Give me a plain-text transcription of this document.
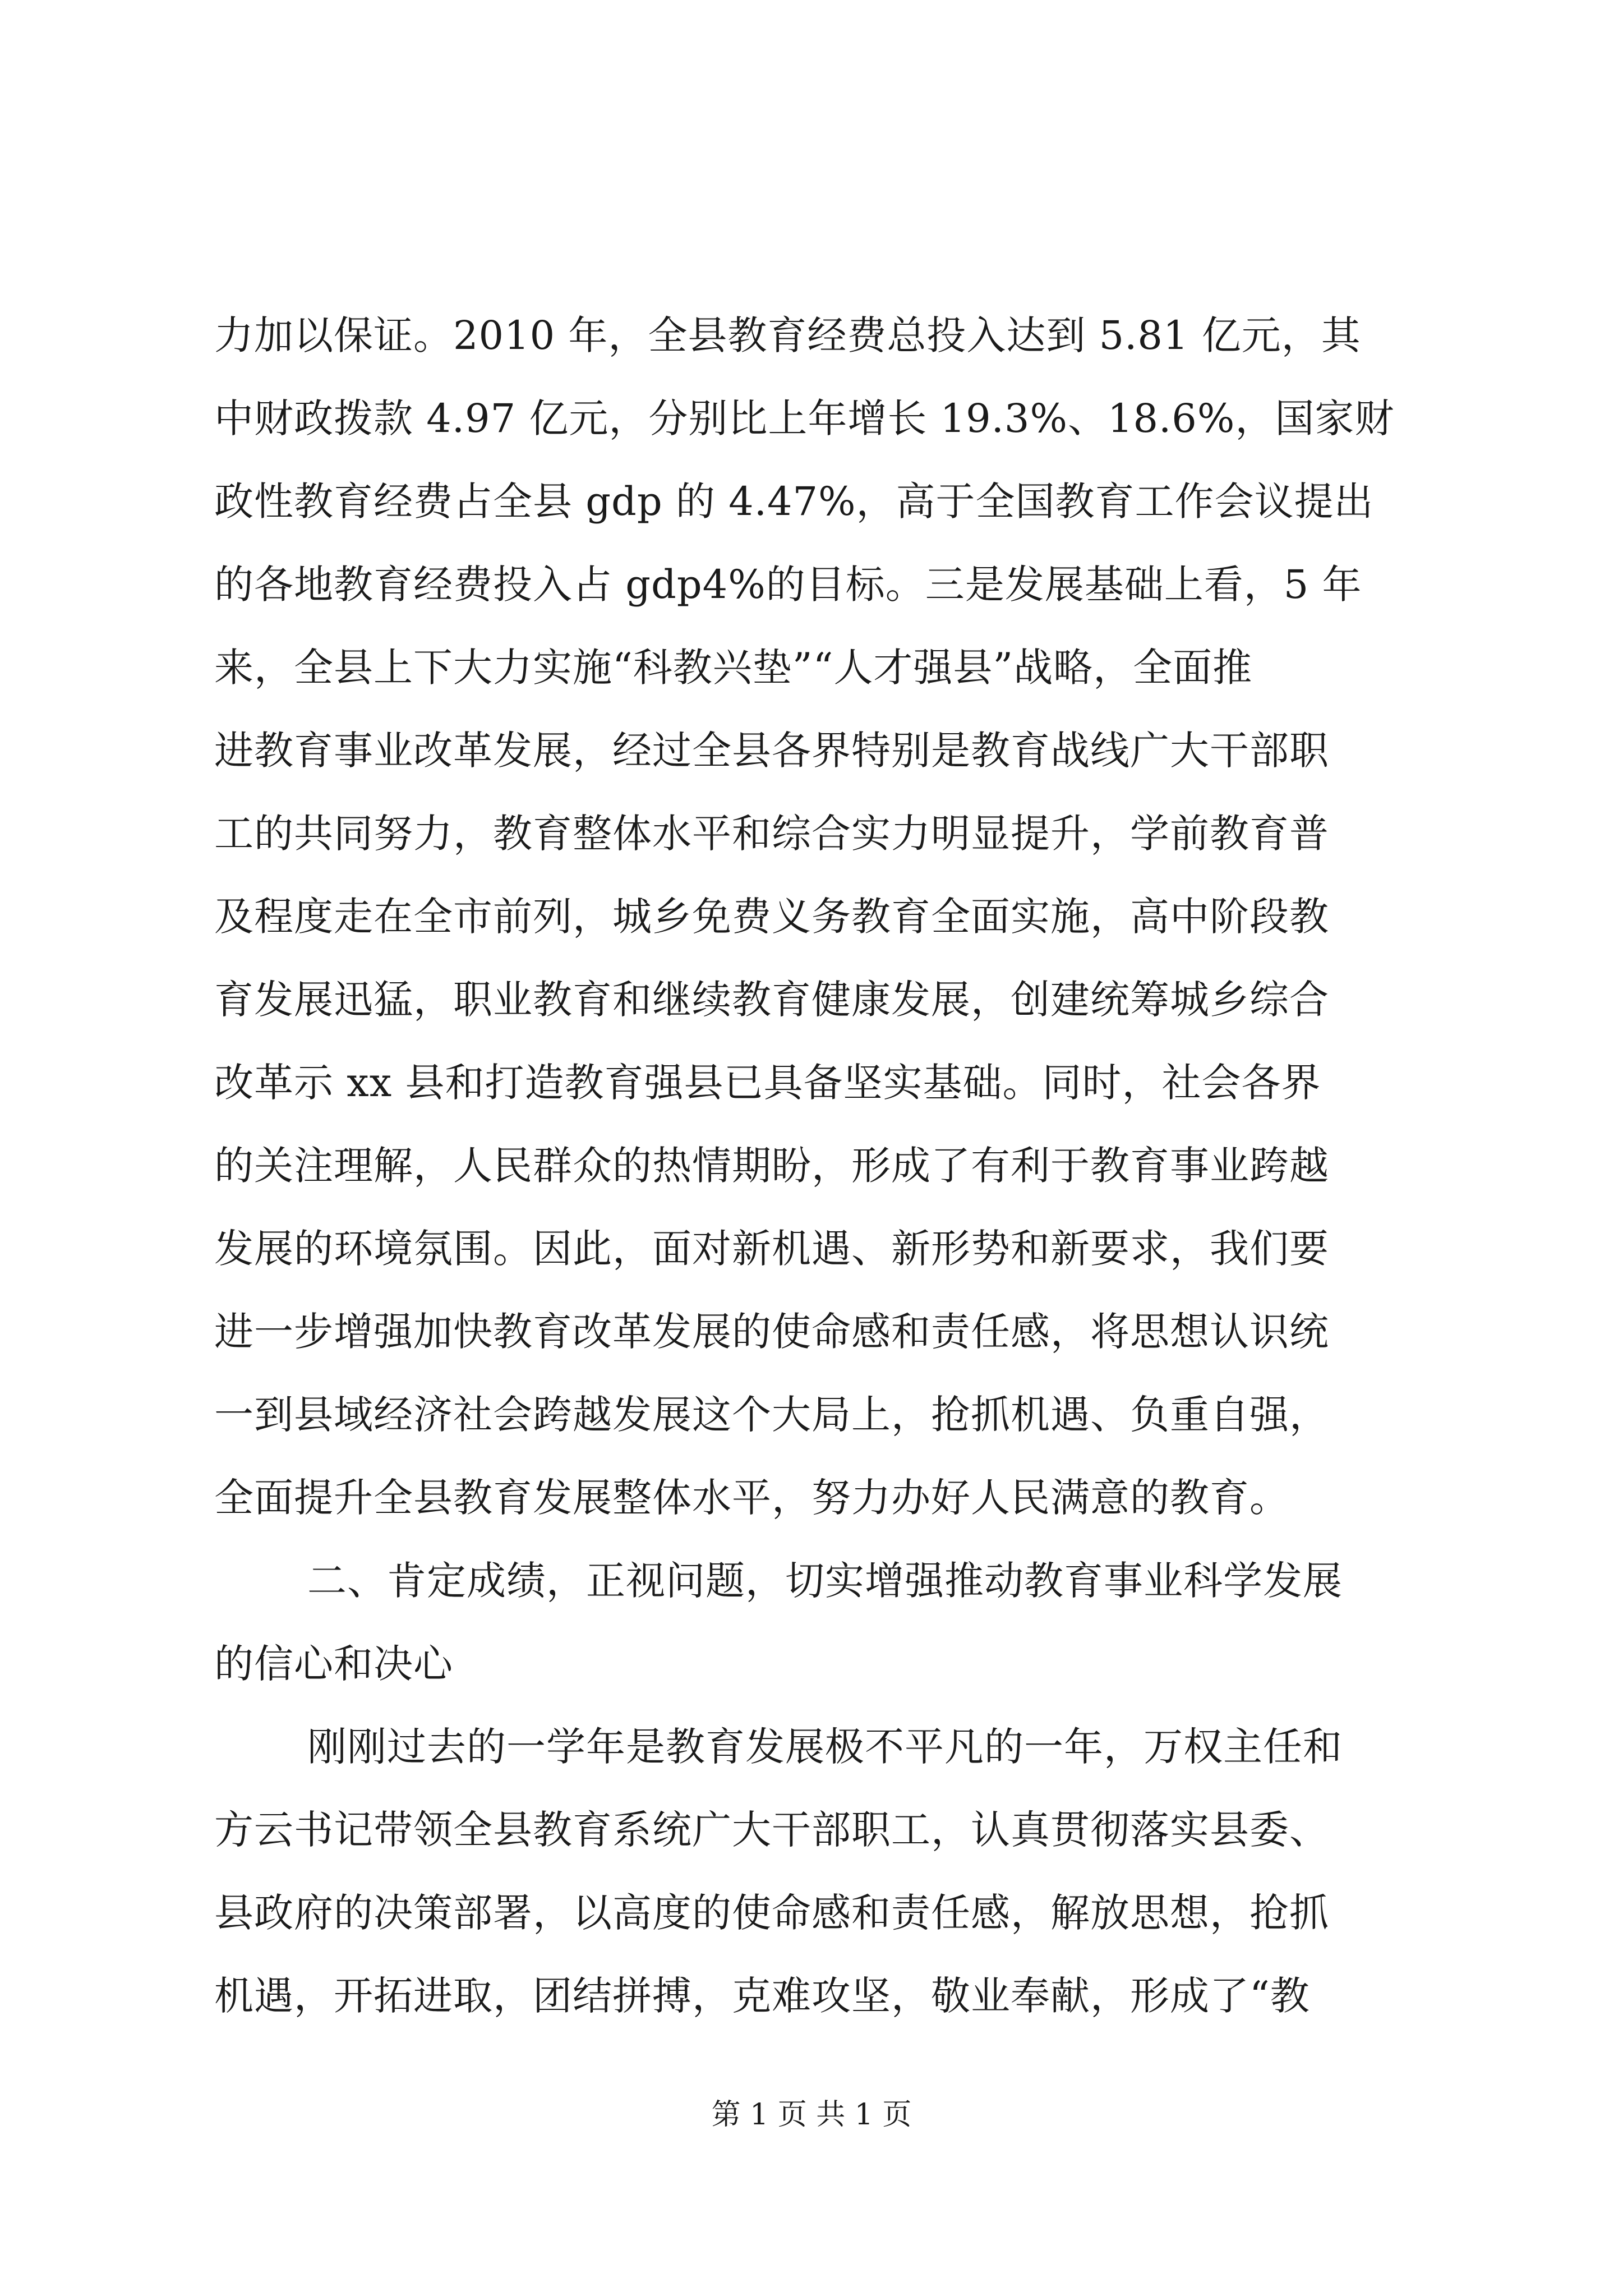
力加以保证。2010 年，全县教育经费总投入达到 5.81 亿元，其
中财政拨款 4.97 亿元，分别比上年增长 19.3%、18.6%，国家财
政性教育经费占全县 gdp 的 4.47%，高于全国教育工作会议提出
的各地教育经费投入占 gdp4%的目标。三是发展基础上看，5 年
来，全县上下大力实施“科教兴垫”“人才强县”战略，全面推
进教育事业改革发展，经过全县各界特别是教育战线广大干部职
工的共同努力，教育整体水平和综合实力明显提升，学前教育普
及程度走在全市前列，城乡免费义务教育全面实施，高中阶段教
育发展迅猛，职业教育和继续教育健康发展，创建统筹城乡综合
改革示 xx 县和打造教育强县已具备坚实基础。同时，社会各界
的关注理解，人民群众的热情期盼，形成了有利于教育事业跨越
发展的环境氛围。因此，面对新机遇、新形势和新要求，我们要
进一步增强加快教育改革发展的使命感和责任感，将思想认识统
一到县域经济社会跨越发展这个大局上，抢抓机遇、负重自强，
全面提升全县教育发展整体水平，努力办好人民满意的教育。
二、肯定成绩，正视问题，切实增强推动教育事业科学发展
的信心和决心
刚刚过去的一学年是教育发展极不平凡的一年，万权主任和
方云书记带领全县教育系统广大干部职工，认真贯彻落实县委、
县政府的决策部署，以高度的使命感和责任感，解放思想，抢抓
机遇，开拓进取，团结拼搏，克难攻坚，敬业奉献，形成了“教
第 1 页 共 1 页
